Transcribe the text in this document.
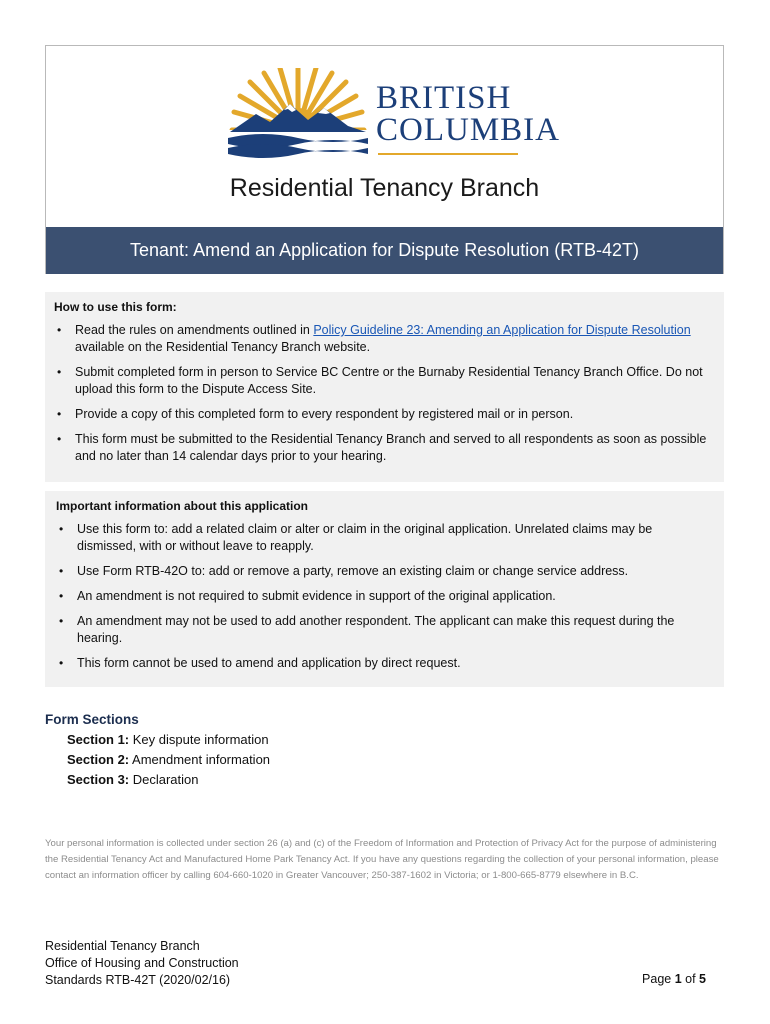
BRITISH
COLUMBIA
Residential Tenancy Branch
Tenant: Amend an Application for Dispute Resolution (RTB-42T)
How to use this form:
• Read the rules on amendments outlined in Policy Guideline 23: Amending an Application for Dispute Resolution available on the Residential Tenancy Branch website.
• Submit completed form in person to Service BC Centre or the Burnaby Residential Tenancy Branch Office. Do not upload this form to the Dispute Access Site.
• Provide a copy of this completed form to every respondent by registered mail or in person.
• This form must be submitted to the Residential Tenancy Branch and served to all respondents as soon as possible and no later than 14 calendar days prior to your hearing.
Important information about this application
• Use this form to: add a related claim or alter or claim in the original application. Unrelated claims may be dismissed, with or without leave to reapply.
• Use Form RTB-42O to: add or remove a party, remove an existing claim or change service address.
• An amendment is not required to submit evidence in support of the original application.
• An amendment may not be used to add another respondent. The applicant can make this request during the hearing.
• This form cannot be used to amend and application by direct request.
Form Sections
Section 1: Key dispute information
Section 2: Amendment information
Section 3: Declaration
Your personal information is collected under section 26 (a) and (c) of the Freedom of Information and Protection of Privacy Act for the purpose of administering the Residential Tenancy Act and Manufactured Home Park Tenancy Act. If you have any questions regarding the collection of your personal information, please contact an information officer by calling 604-660-1020 in Greater Vancouver; 250-387-1602 in Victoria; or 1-800-665-8779 elsewhere in B.C.
Residential Tenancy Branch
Office of Housing and Construction
Standards RTB-42T (2020/02/16)	Page 1 of 5
